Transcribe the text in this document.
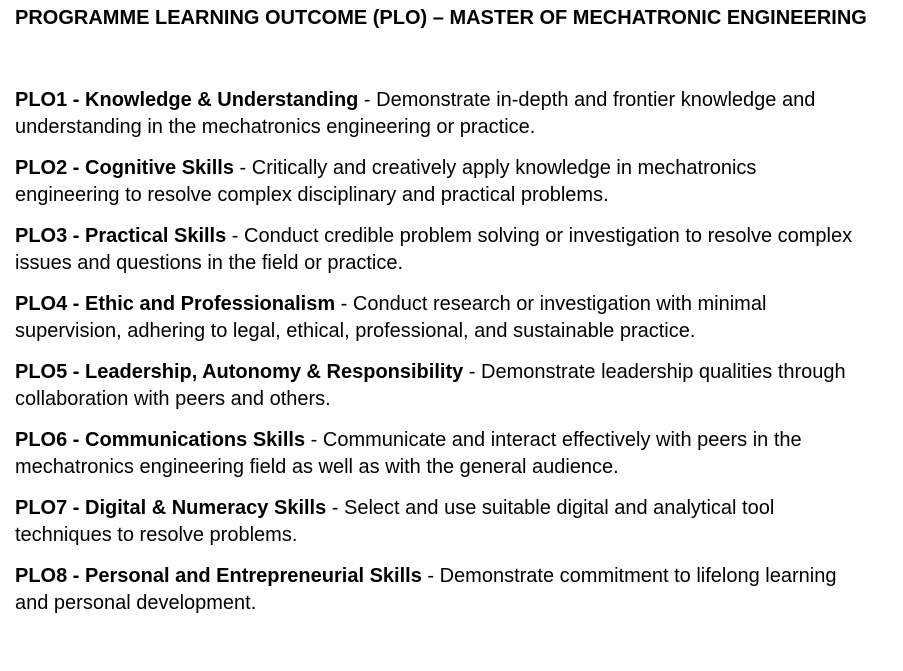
PROGRAMME LEARNING OUTCOME (PLO) – MASTER OF MECHATRONIC ENGINEERING

PLO1 - Knowledge & Understanding - Demonstrate in-depth and frontier knowledge and understanding in the mechatronics engineering or practice.

PLO2 - Cognitive Skills - Critically and creatively apply knowledge in mechatronics engineering to resolve complex disciplinary and practical problems.

PLO3 - Practical Skills - Conduct credible problem solving or investigation to resolve complex issues and questions in the field or practice.

PLO4 - Ethic and Professionalism - Conduct research or investigation with minimal supervision, adhering to legal, ethical, professional, and sustainable practice.

PLO5 - Leadership, Autonomy & Responsibility - Demonstrate leadership qualities through collaboration with peers and others.

PLO6 - Communications Skills - Communicate and interact effectively with peers in the mechatronics engineering field as well as with the general audience.

PLO7 - Digital & Numeracy Skills - Select and use suitable digital and analytical tool techniques to resolve problems.

PLO8 - Personal and Entrepreneurial Skills - Demonstrate commitment to lifelong learning and personal development.
